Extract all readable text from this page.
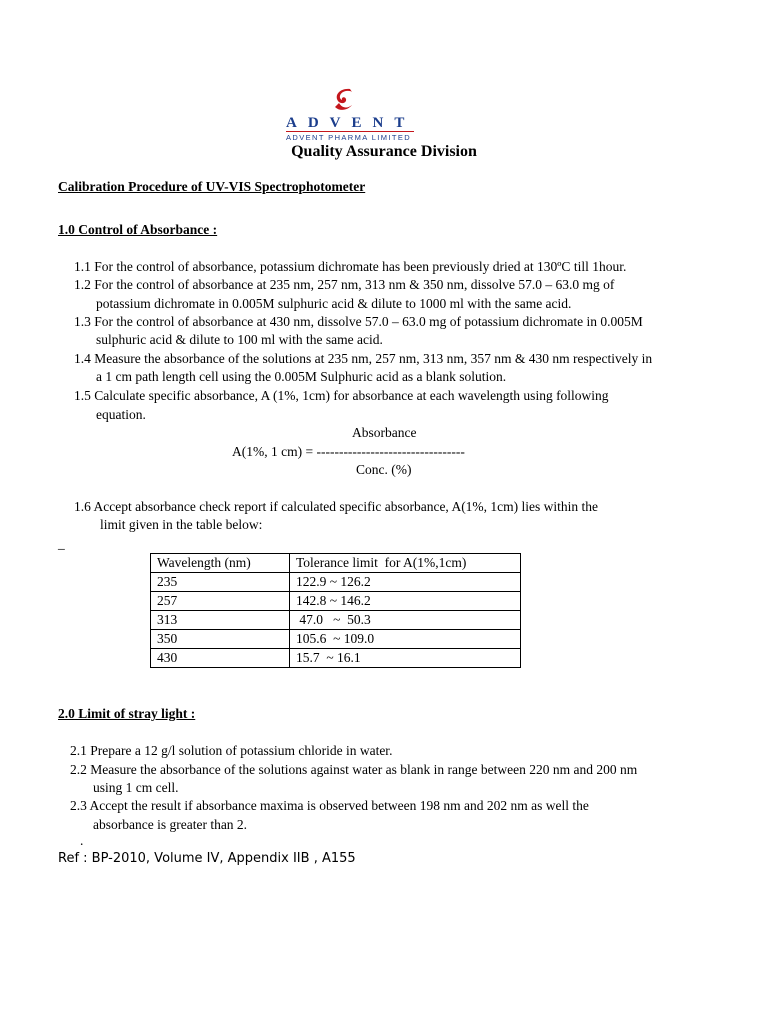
ADVENT
ADVENT PHARMA LIMITED
Quality Assurance Division
Calibration Procedure of UV-VIS Spectrophotometer
1.0 Control of Absorbance :
1.1 For the control of absorbance, potassium dichromate has been previously dried at 130ºC till 1hour.
1.2 For the control of absorbance at 235 nm, 257 nm, 313 nm & 350 nm, dissolve 57.0 – 63.0 mg of
potassium dichromate in 0.005M sulphuric acid & dilute to 1000 ml with the same acid.
1.3 For the control of absorbance at 430 nm, dissolve 57.0 – 63.0 mg of potassium dichromate in 0.005M
sulphuric acid & dilute to 100 ml with the same acid.
1.4 Measure the absorbance of the solutions at 235 nm, 257 nm, 313 nm, 357 nm & 430 nm respectively in
a 1 cm path length cell using the 0.005M Sulphuric acid as a blank solution.
1.5 Calculate specific absorbance, A (1%, 1cm) for absorbance at each wavelength using following
equation.
Absorbance
A(1%, 1 cm) = ---------------------------------
Conc. (%)
1.6 Accept absorbance check report if calculated specific absorbance, A(1%, 1cm) lies within the
limit given in the table below:
_
Wavelength (nm)	Tolerance limit  for A(1%,1cm)
235	122.9 ~ 126.2
257	142.8 ~ 146.2
313	47.0   ~  50.3
350	105.6  ~ 109.0
430	15.7  ~ 16.1
2.0 Limit of stray light :
2.1 Prepare a 12 g/l solution of potassium chloride in water.
2.2 Measure the absorbance of the solutions against water as blank in range between 220 nm and 200 nm
using 1 cm cell.
2.3 Accept the result if absorbance maxima is observed between 198 nm and 202 nm as well the
absorbance is greater than 2.
.
Ref : BP-2010, Volume IV, Appendix IIB , A155
